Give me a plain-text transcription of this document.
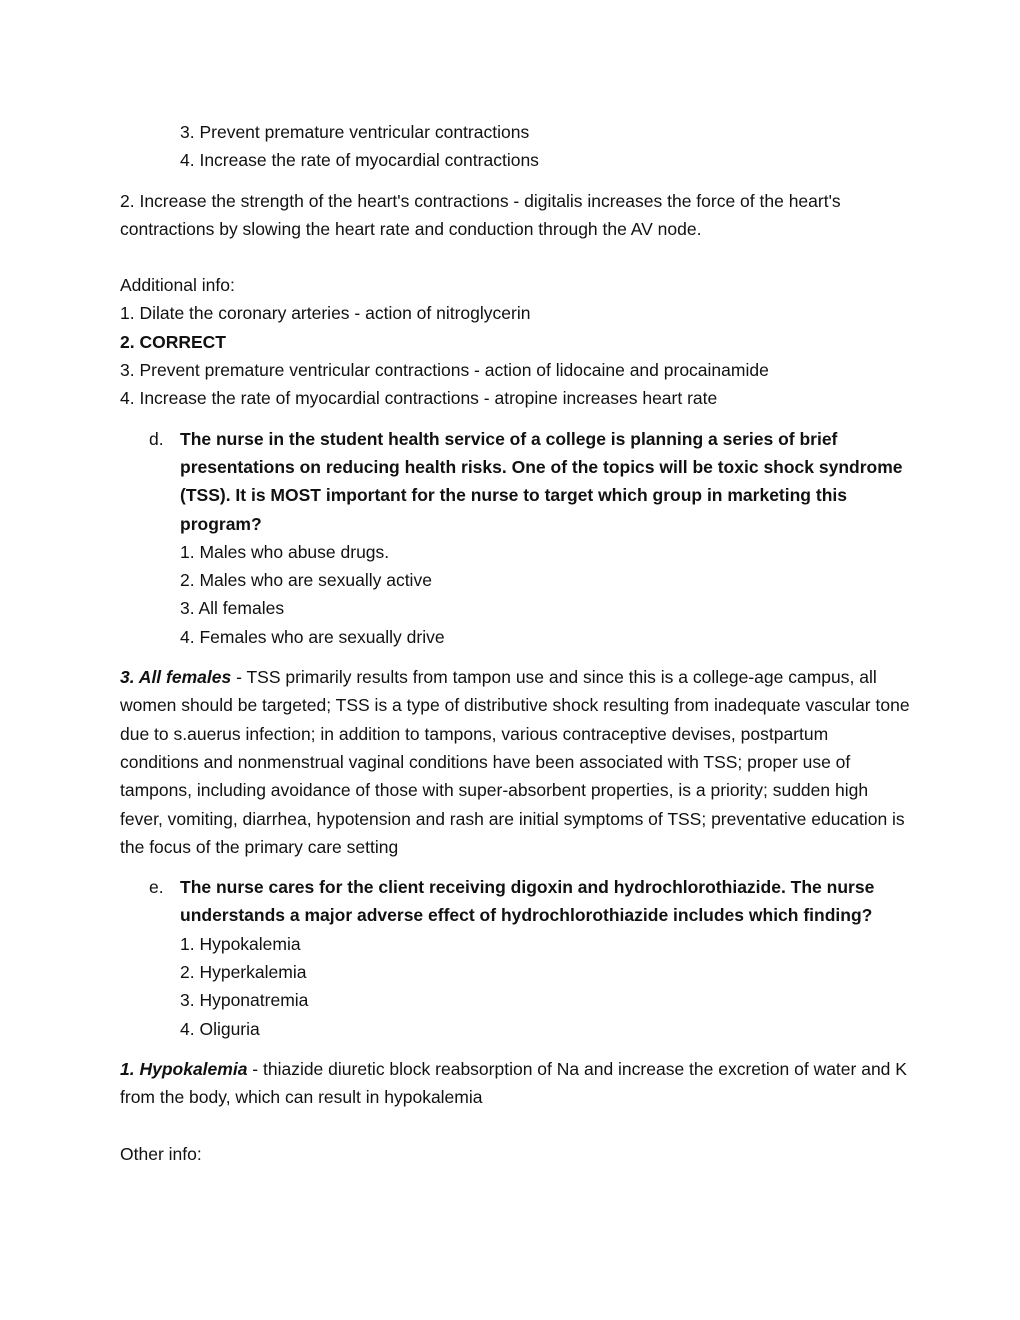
3. Prevent premature ventricular contractions
4. Increase the rate of myocardial contractions

2. Increase the strength of the heart's contractions - digitalis increases the force of the heart's contractions by slowing the heart rate and conduction through the AV node.

Additional info:
1. Dilate the coronary arteries - action of nitroglycerin
2. CORRECT
3. Prevent premature ventricular contractions - action of lidocaine and procainamide
4. Increase the rate of myocardial contractions - atropine increases heart rate
d. The nurse in the student health service of a college is planning a series of brief presentations on reducing health risks. One of the topics will be toxic shock syndrome (TSS). It is MOST important for the nurse to target which group in marketing this program?

1. Males who abuse drugs.
2. Males who are sexually active
3. All females
4. Females who are sexually drive

3. All females - TSS primarily results from tampon use and since this is a college-age campus, all women should be targeted; TSS is a type of distributive shock resulting from inadequate vascular tone due to s.auerus infection; in addition to tampons, various contraceptive devises, postpartum conditions and nonmenstrual vaginal conditions have been associated with TSS; proper use of tampons, including avoidance of those with super-absorbent properties, is a priority; sudden high fever, vomiting, diarrhea, hypotension and rash are initial symptoms of TSS; preventative education is the focus of the primary care setting

e. The nurse cares for the client receiving digoxin and hydrochlorothiazide. The nurse understands a major adverse effect of hydrochlorothiazide includes which finding?

1. Hypokalemia
2. Hyperkalemia
3. Hyponatremia
4. Oliguria

1. Hypokalemia - thiazide diuretic block reabsorption of Na and increase the excretion of water and K from the body, which can result in hypokalemia

Other info:
